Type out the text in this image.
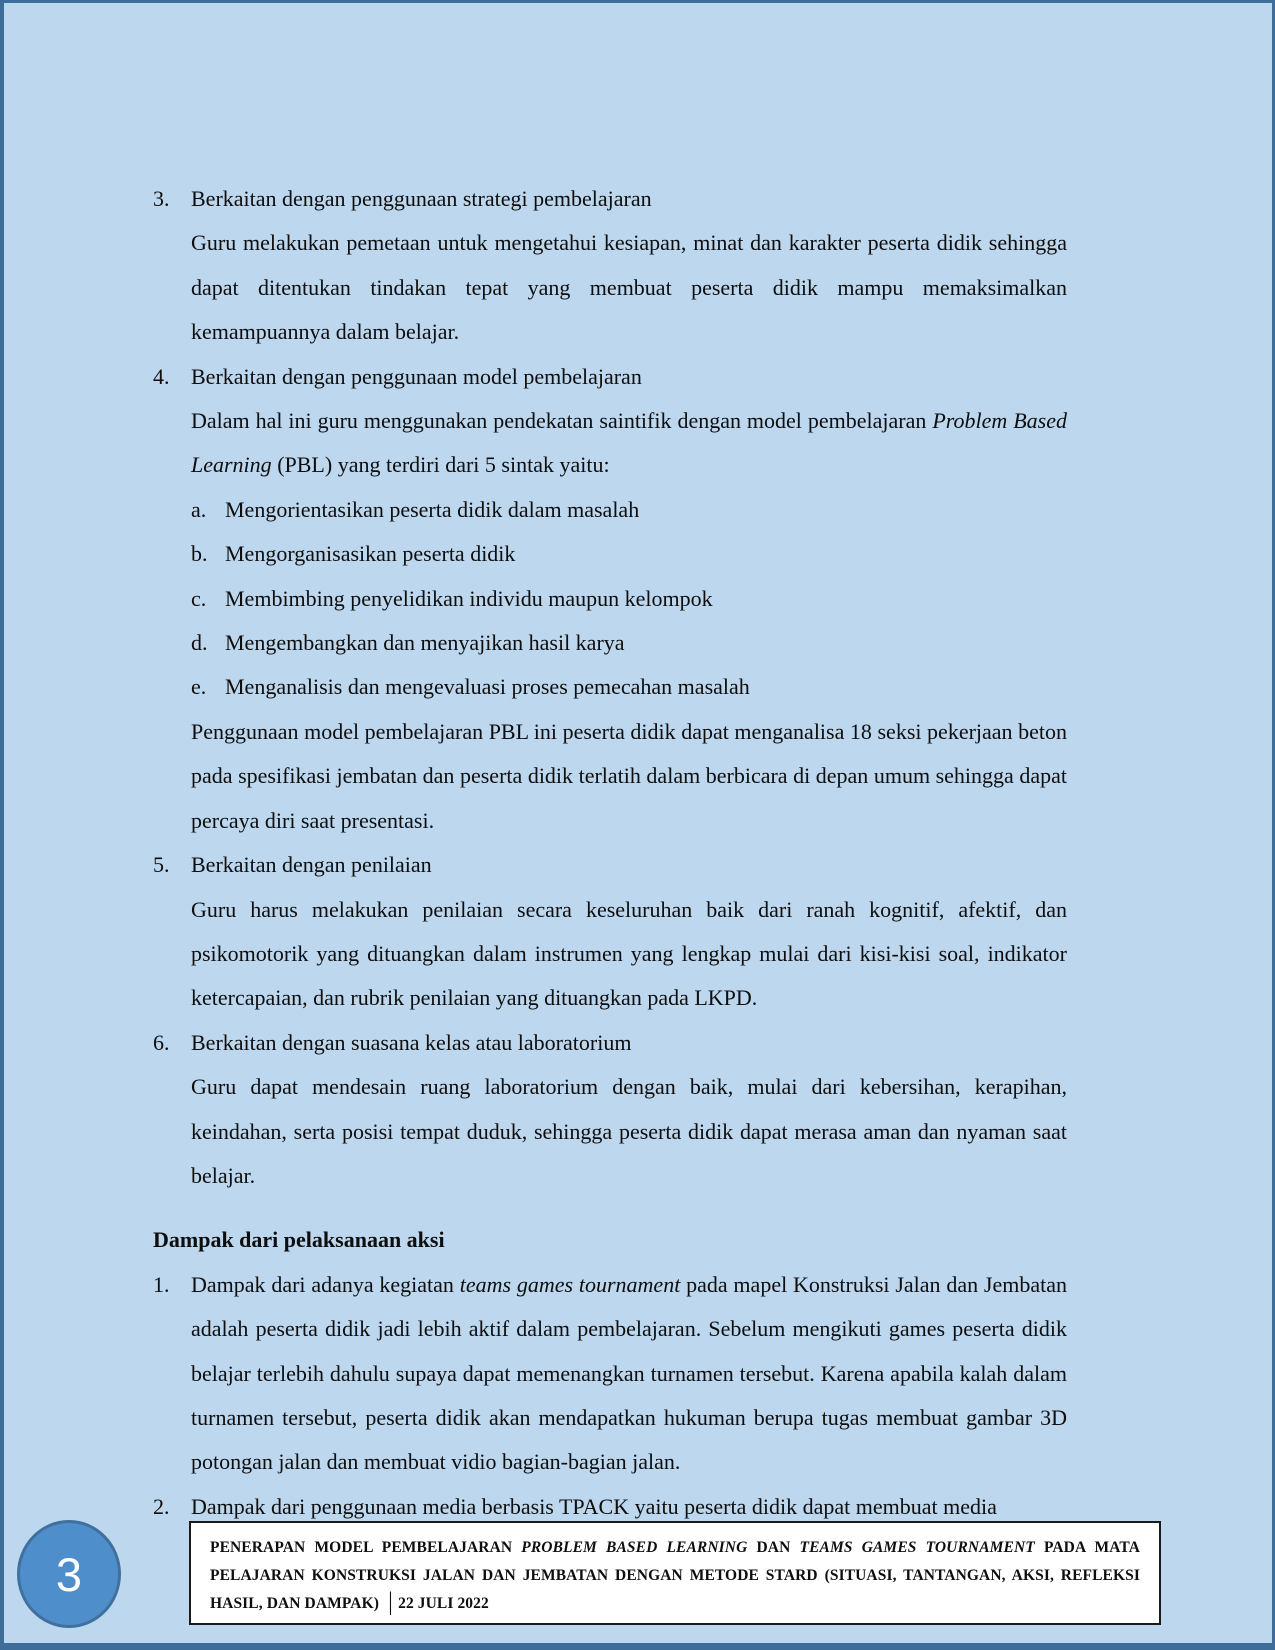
3. Berkaitan dengan penggunaan strategi pembelajaran

Guru melakukan pemetaan untuk mengetahui kesiapan, minat dan karakter peserta didik sehingga dapat ditentukan tindakan tepat yang membuat peserta didik mampu memaksimalkan kemampuannya dalam belajar.

4. Berkaitan dengan penggunaan model pembelajaran

Dalam hal ini guru menggunakan pendekatan saintifik dengan model pembelajaran Problem Based Learning (PBL) yang terdiri dari 5 sintak yaitu:

a. Mengorientasikan peserta didik dalam masalah

b. Mengorganisasikan peserta didik

c. Membimbing penyelidikan individu maupun kelompok

d. Mengembangkan dan menyajikan hasil karya

e. Menganalisis dan mengevaluasi proses pemecahan masalah

Penggunaan model pembelajaran PBL ini peserta didik dapat menganalisa 18 seksi pekerjaan beton pada spesifikasi jembatan dan peserta didik terlatih dalam berbicara di depan umum sehingga dapat percaya diri saat presentasi.

5. Berkaitan dengan penilaian

Guru harus melakukan penilaian secara keseluruhan baik dari ranah kognitif, afektif, dan psikomotorik yang dituangkan dalam instrumen yang lengkap mulai dari kisi-kisi soal, indikator ketercapaian, dan rubrik penilaian yang dituangkan pada LKPD.

6. Berkaitan dengan suasana kelas atau laboratorium

Guru dapat mendesain ruang laboratorium dengan baik, mulai dari kebersihan, kerapihan, keindahan, serta posisi tempat duduk, sehingga peserta didik dapat merasa aman dan nyaman saat belajar.

Dampak dari pelaksanaan aksi

1. Dampak dari adanya kegiatan teams games tournament pada mapel Konstruksi Jalan dan Jembatan adalah peserta didik jadi lebih aktif dalam pembelajaran. Sebelum mengikuti games peserta didik belajar terlebih dahulu supaya dapat memenangkan turnamen tersebut. Karena apabila kalah dalam turnamen tersebut, peserta didik akan mendapatkan hukuman berupa tugas membuat gambar 3D potongan jalan dan membuat vidio bagian-bagian jalan.

2. Dampak dari penggunaan media berbasis TPACK yaitu peserta didik dapat membuat media

3	PENERAPAN MODEL PEMBELAJARAN PROBLEM BASED LEARNING DAN TEAMS GAMES TOURNAMENT PADA MATA PELAJARAN KONSTRUKSI JALAN DAN JEMBATAN DENGAN METODE STARD (SITUASI, TANTANGAN, AKSI, REFLEKSI HASIL, DAN DAMPAK) │ 22 JULI 2022
